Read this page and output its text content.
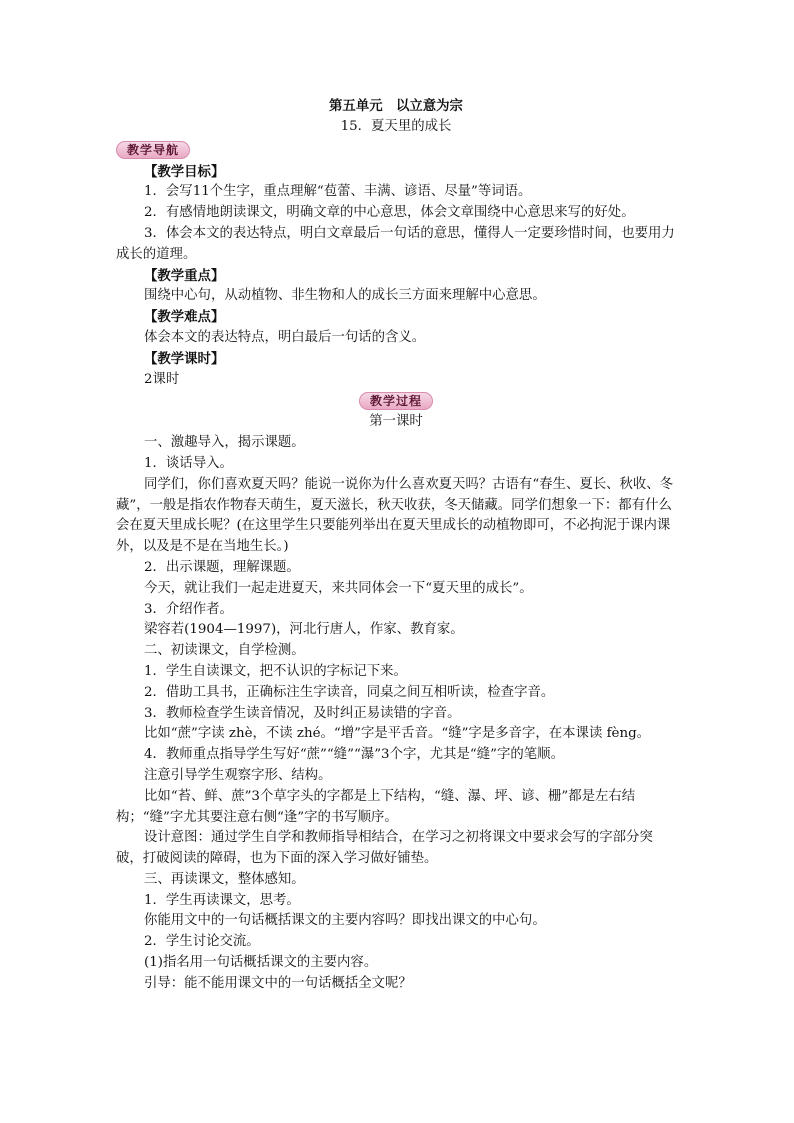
第五单元　以立意为宗
15．夏天里的成长
教学导航

【教学目标】

1．会写11个生字，重点理解“苞蕾、丰满、谚语、尽量”等词语。

2．有感情地朗读课文，明确文章的中心意思，体会文章围绕中心意思来写的好处。

3．体会本文的表达特点，明白文章最后一句话的意思，懂得人一定要珍惜时间，也要用力成长的道理。

【教学重点】

围绕中心句，从动植物、非生物和人的成长三方面来理解中心意思。

【教学难点】

体会本文的表达特点，明白最后一句话的含义。

【教学课时】

2课时

教学过程
第一课时

一、激趣导入，揭示课题。

1．谈话导入。

同学们，你们喜欢夏天吗？能说一说你为什么喜欢夏天吗？古语有“春生、夏长、秋收、冬藏”，一般是指农作物春天萌生，夏天滋长，秋天收获，冬天储藏。同学们想象一下：都有什么会在夏天里成长呢？(在这里学生只要能列举出在夏天里成长的动植物即可，不必拘泥于课内课外，以及是不是在当地生长。)

2．出示课题，理解课题。

今天，就让我们一起走进夏天，来共同体会一下“夏天里的成长”。

3．介绍作者。

梁容若(1904—1997)，河北行唐人，作家、教育家。

二、初读课文，自学检测。

1．学生自读课文，把不认识的字标记下来。

2．借助工具书，正确标注生字读音，同桌之间互相听读，检查字音。

3．教师检查学生读音情况，及时纠正易读错的字音。

比如“蔗”字读 zhè，不读 zhé。“增”字是平舌音。“缝”字是多音字，在本课读 fèng。

4．教师重点指导学生写好“蔗”“缝”“瀑”3个字，尤其是“缝”字的笔顺。

注意引导学生观察字形、结构。

比如“苔、鲜、蔗”3个草字头的字都是上下结构，“缝、瀑、坪、谚、栅”都是左右结构；“缝”字尤其要注意右侧“逢”字的书写顺序。

设计意图：通过学生自学和教师指导相结合，在学习之初将课文中要求会写的字部分突破，打破阅读的障碍，也为下面的深入学习做好铺垫。

三、再读课文，整体感知。

1．学生再读课文，思考。

你能用文中的一句话概括课文的主要内容吗？即找出课文的中心句。

2．学生讨论交流。

(1)指名用一句话概括课文的主要内容。

引导：能不能用课文中的一句话概括全文呢？
